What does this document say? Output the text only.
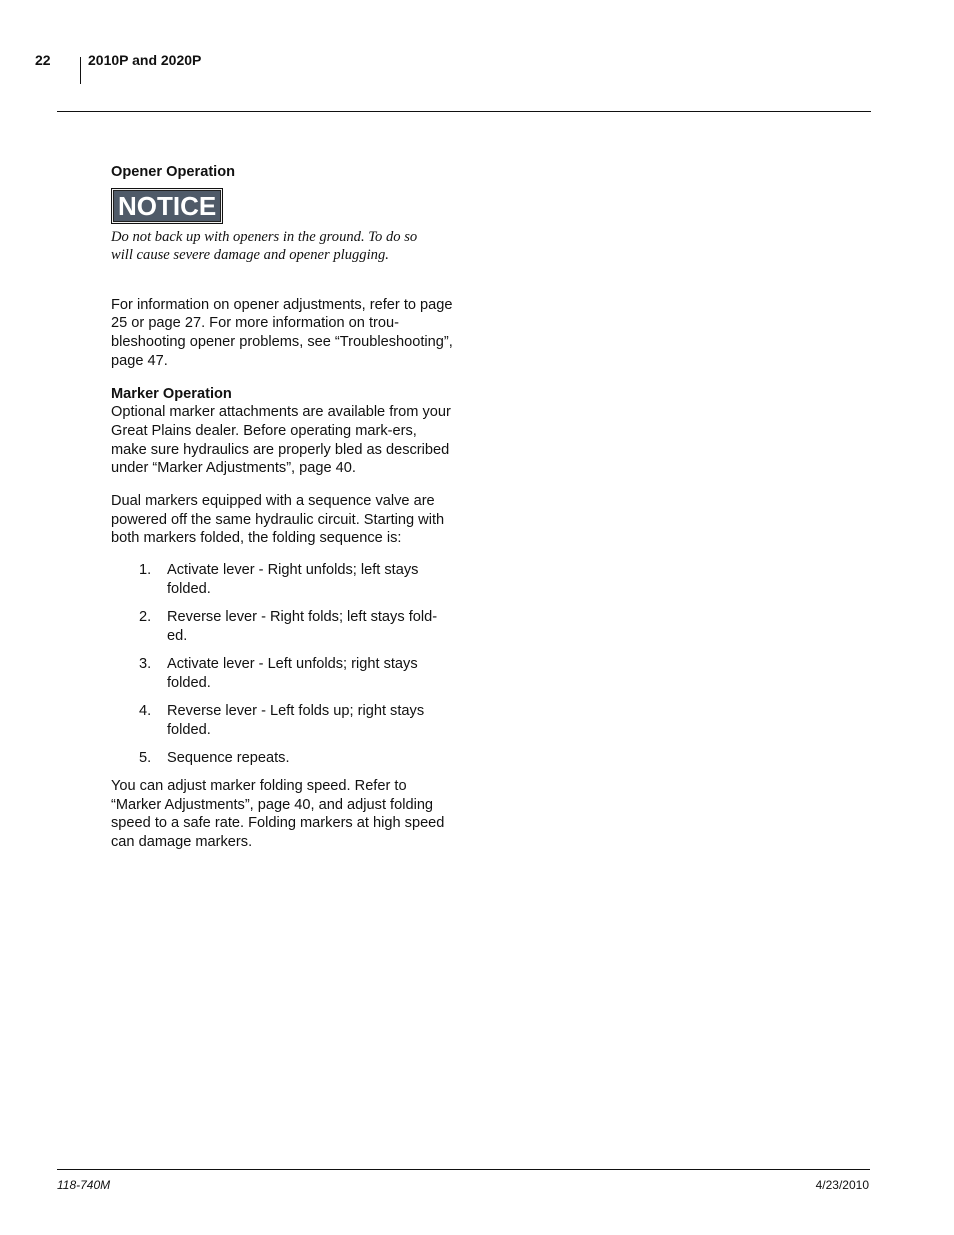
22	2010P and 2020P

Opener Operation

NOTICE

Do not back up with openers in the ground. To do so will cause severe damage and opener plugging.

For information on opener adjustments, refer to page 25 or page 27. For more information on trou-bleshooting opener problems, see “Troubleshooting”, page 47.

Marker Operation

Optional marker attachments are available from your Great Plains dealer. Before operating mark-ers, make sure hydraulics are properly bled as described under “Marker Adjustments”, page 40.

Dual markers equipped with a sequence valve are powered off the same hydraulic circuit. Starting with both markers folded, the folding sequence is:

1.	Activate lever - Right unfolds; left stays folded.
2.	Reverse lever - Right folds; left stays fold-ed.
3.	Activate lever - Left unfolds; right stays folded.
4.	Reverse lever - Left folds up; right stays folded.
5.	Sequence repeats.

You can adjust marker folding speed. Refer to “Marker Adjustments”, page 40, and adjust folding speed to a safe rate. Folding markers at high speed can damage markers.

118-740M	4/23/2010
